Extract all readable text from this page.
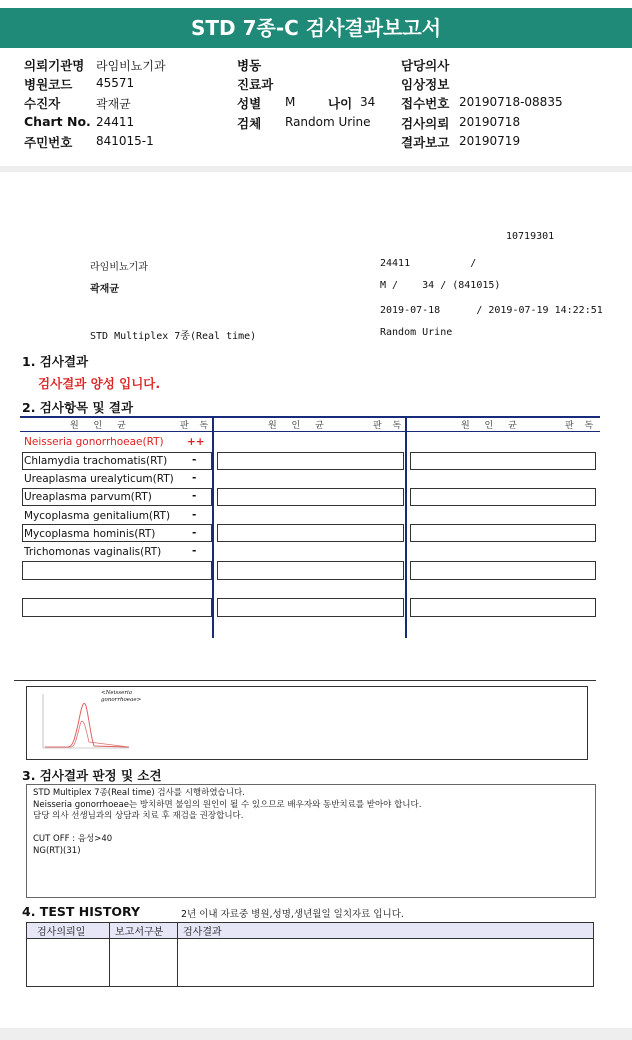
STD 7종-C 검사결과보고서
의뢰기관명 라임비뇨기과
병원코드 45571
수진자	곽재균
Chart No. 24411
주민번호 841015-1
병동
진료과
성별 M	나이 34
검체 Random Urine
담당의사
임상정보
접수번호 20190718-08835
검사의뢰 20190718
결과보고 20190719
10719301
라임비뇨기과	24411          /
곽재균	M /    34 / (841015)
2019-07-18      / 2019-07-19 14:22:51
STD Multiplex 7종(Real time)	Random Urine
1. 검사결과
검사결과 양성 입니다.
2. 검사항목 및 결과
원 인 균	판 독	원 인 균	판 독	원 인 균	판 독
Neisseria gonorrhoeae(RT) ++
Chlamydia trachomatis(RT) -
Ureaplasma urealyticum(RT) -
Ureaplasma parvum(RT)	-
Mycoplasma genitalium(RT) -
Mycoplasma hominis(RT)	-
Trichomonas vaginalis(RT)	-
<Neisseria gonorrhoeae>
3. 검사결과 판정 및 소견
STD Multiplex 7종(Real time) 검사를 시행하였습니다.
Neisseria gonorrhoeae는 방치하면 불임의 원인이 될 수 있으므로 배우자와 동반치료를 받아야 합니다.
담당 의사 선생님과의 상담과 치료 후 재검을 권장합니다.
CUT OFF : 음성>40
NG(RT)(31)
4. TEST HISTORY	2년 이내 자료중 병원,성명,생년월일 일치자료 입니다.
검사의뢰일	보고서구분	검사결과
